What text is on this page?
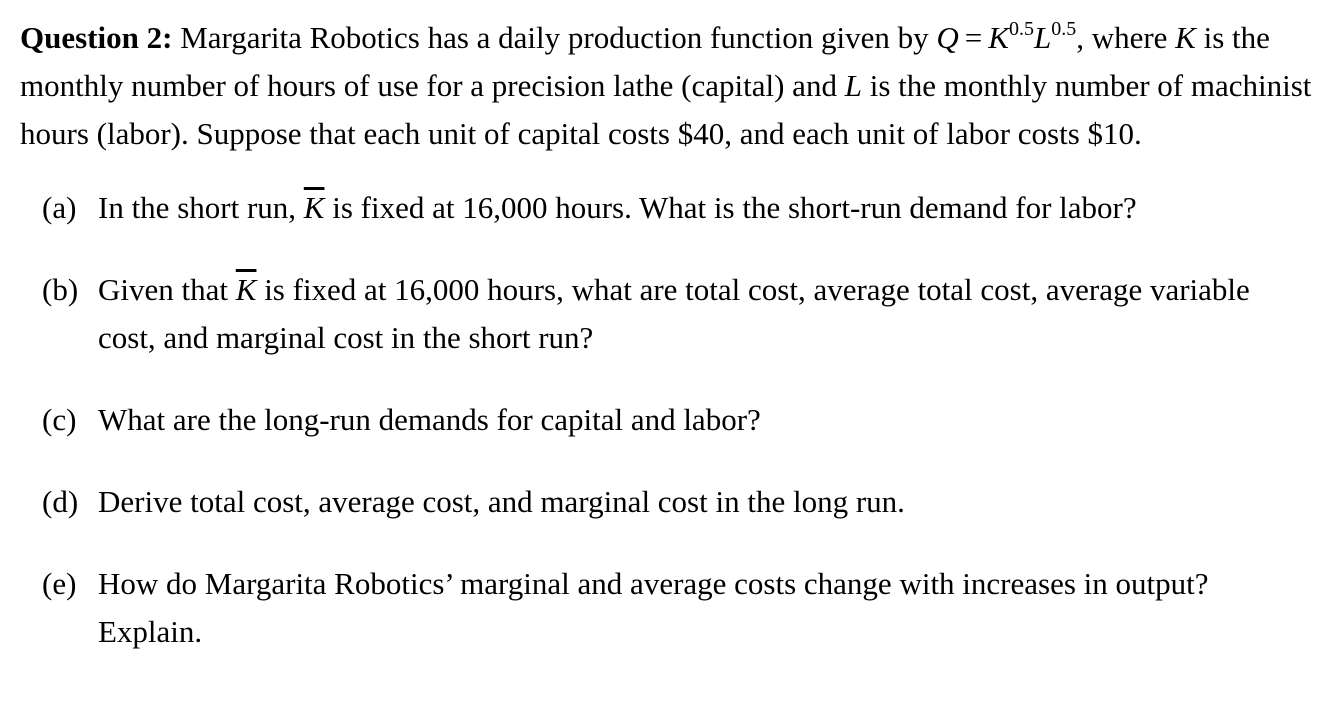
Question 2: Margarita Robotics has a daily production function given by $Q = K^{0.5}L^{0.5}$, where K is the monthly number of hours of use for a precision lathe (capital) and L is the monthly number of machinist hours (labor). Suppose that each unit of capital costs $40, and each unit of labor costs $10.

(a) In the short run, $\overline{K}$ is fixed at 16,000 hours. What is the short-run demand for labor?
(b) Given that $\overline{K}$ is fixed at 16,000 hours, what are total cost, average total cost, average variable cost, and marginal cost in the short run?
(c) What are the long-run demands for capital and labor?
(d) Derive total cost, average cost, and marginal cost in the long run.
(e) How do Margarita Robotics’ marginal and average costs change with increases in output? Explain.
